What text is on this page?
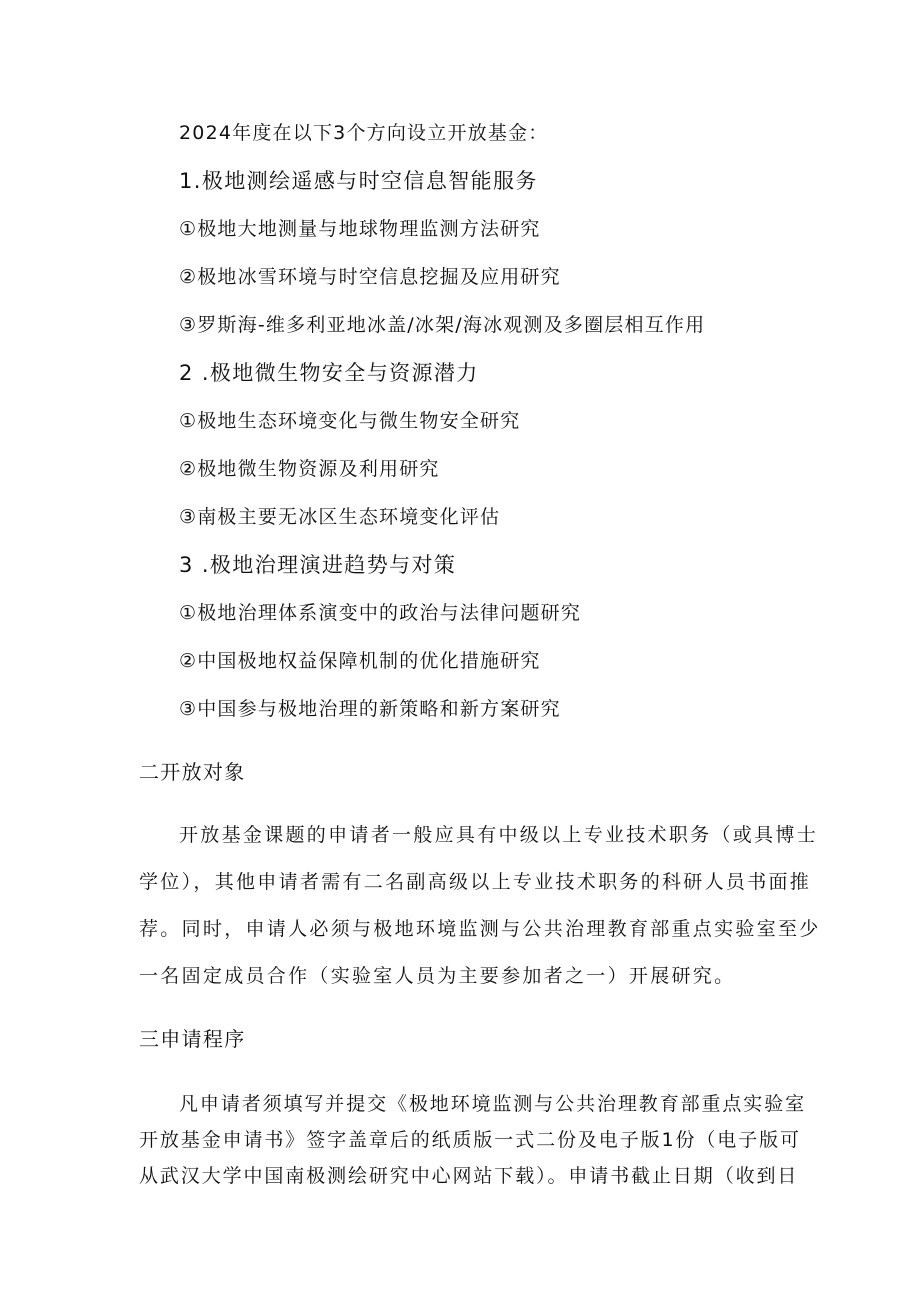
2024年度在以下3个方向设立开放基金：
1.极地测绘遥感与时空信息智能服务
①极地大地测量与地球物理监测方法研究
②极地冰雪环境与时空信息挖掘及应用研究
③罗斯海-维多利亚地冰盖/冰架/海冰观测及多圈层相互作用
2 .极地微生物安全与资源潜力
①极地生态环境变化与微生物安全研究
②极地微生物资源及利用研究
③南极主要无冰区生态环境变化评估
3 .极地治理演进趋势与对策
①极地治理体系演变中的政治与法律问题研究
②中国极地权益保障机制的优化措施研究
③中国参与极地治理的新策略和新方案研究
二开放对象
开放基金课题的申请者一般应具有中级以上专业技术职务（或具博士
学位），其他申请者需有二名副高级以上专业技术职务的科研人员书面推
荐。同时，申请人必须与极地环境监测与公共治理教育部重点实验室至少
一名固定成员合作（实验室人员为主要参加者之一）开展研究。
三申请程序
凡申请者须填写并提交《极地环境监测与公共治理教育部重点实验室
开放基金申请书》签字盖章后的纸质版一式二份及电子版1份（电子版可
从武汉大学中国南极测绘研究中心网站下载）。申请书截止日期（收到日
